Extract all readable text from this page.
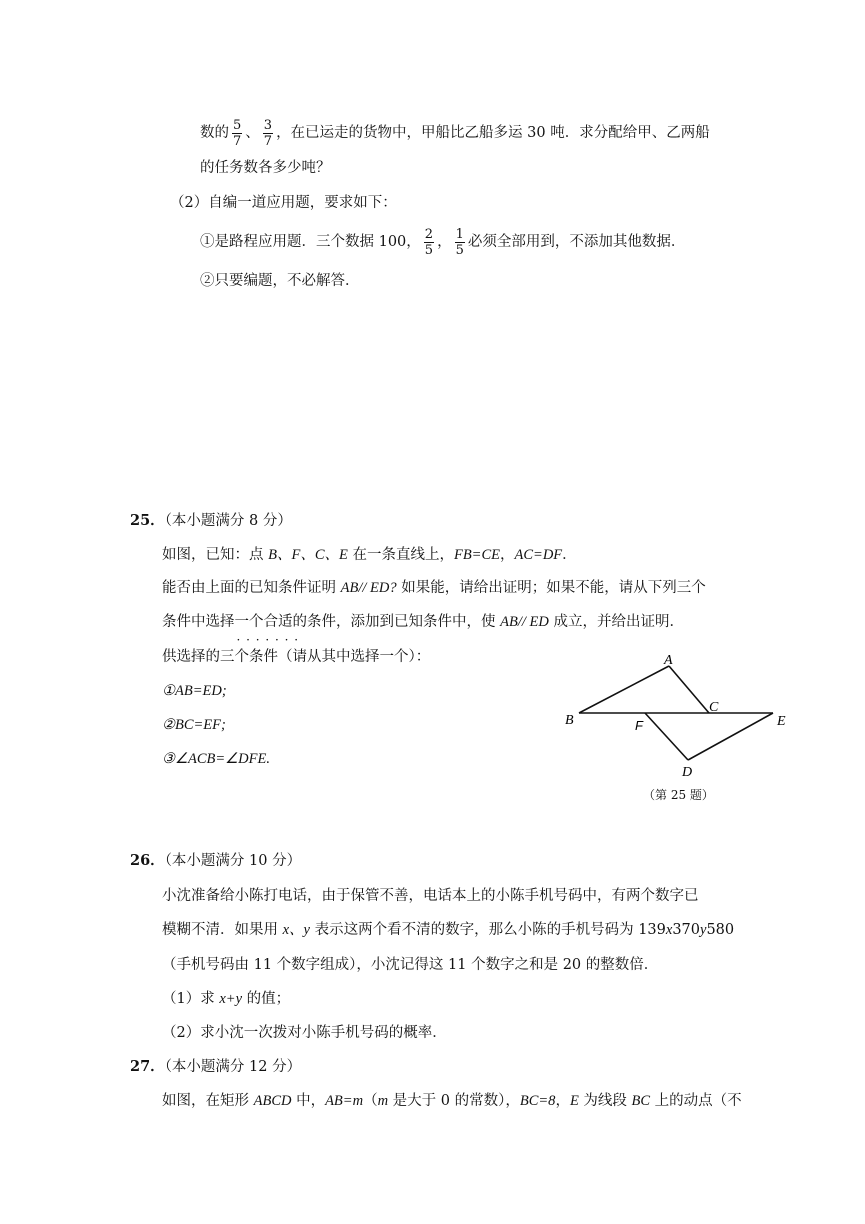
数的 $\frac{5}{7}$ 、 $\frac{3}{7}$ ，在已运走的货物中，甲船比乙船多运 30 吨．求分配给甲、乙两船
的任务数各多少吨？
（2）自编一道应用题，要求如下：
①是路程应用题．三个数据 100， $\frac{2}{5}$ ， $\frac{1}{5}$ 必须全部用到，不添加其他数据．
②只要编题，不必解答．
25．（本小题满分 8 分）
如图，已知：点 B、F、C、E 在一条直线上，FB=CE，AC=DF．
能否由上面的已知条件证明 AB// ED? 如果能，请给出证明；如果不能，请从下列三个
条件中选择一个合适的条件 · · ·，添加到已知条件中，使 AB// ED 成立，并给出证明．
供选择的三个条件（请从其中选择一个）：
①AB=ED;
②BC=EF;
③∠ACB=∠DFE.
A
B
C
E
F
D
（第 25 题）
26．（本小题满分 10 分）
小沈准备给小陈打电话，由于保管不善，电话本上的小陈手机号码中，有两个数字已
模糊不清．如果用 x、y 表示这两个看不清的数字，那么小陈的手机号码为 139x370y580
（手机号码由 11 个数字组成），小沈记得这 11 个数字之和是 20 的整数倍．
（1）求 x+y 的值；
（2）求小沈一次拨对小陈手机号码的概率．
27．（本小题满分 12 分）
如图，在矩形 ABCD 中，AB=m（m 是大于 0 的常数），BC=8，E 为线段 BC 上的动点（不
